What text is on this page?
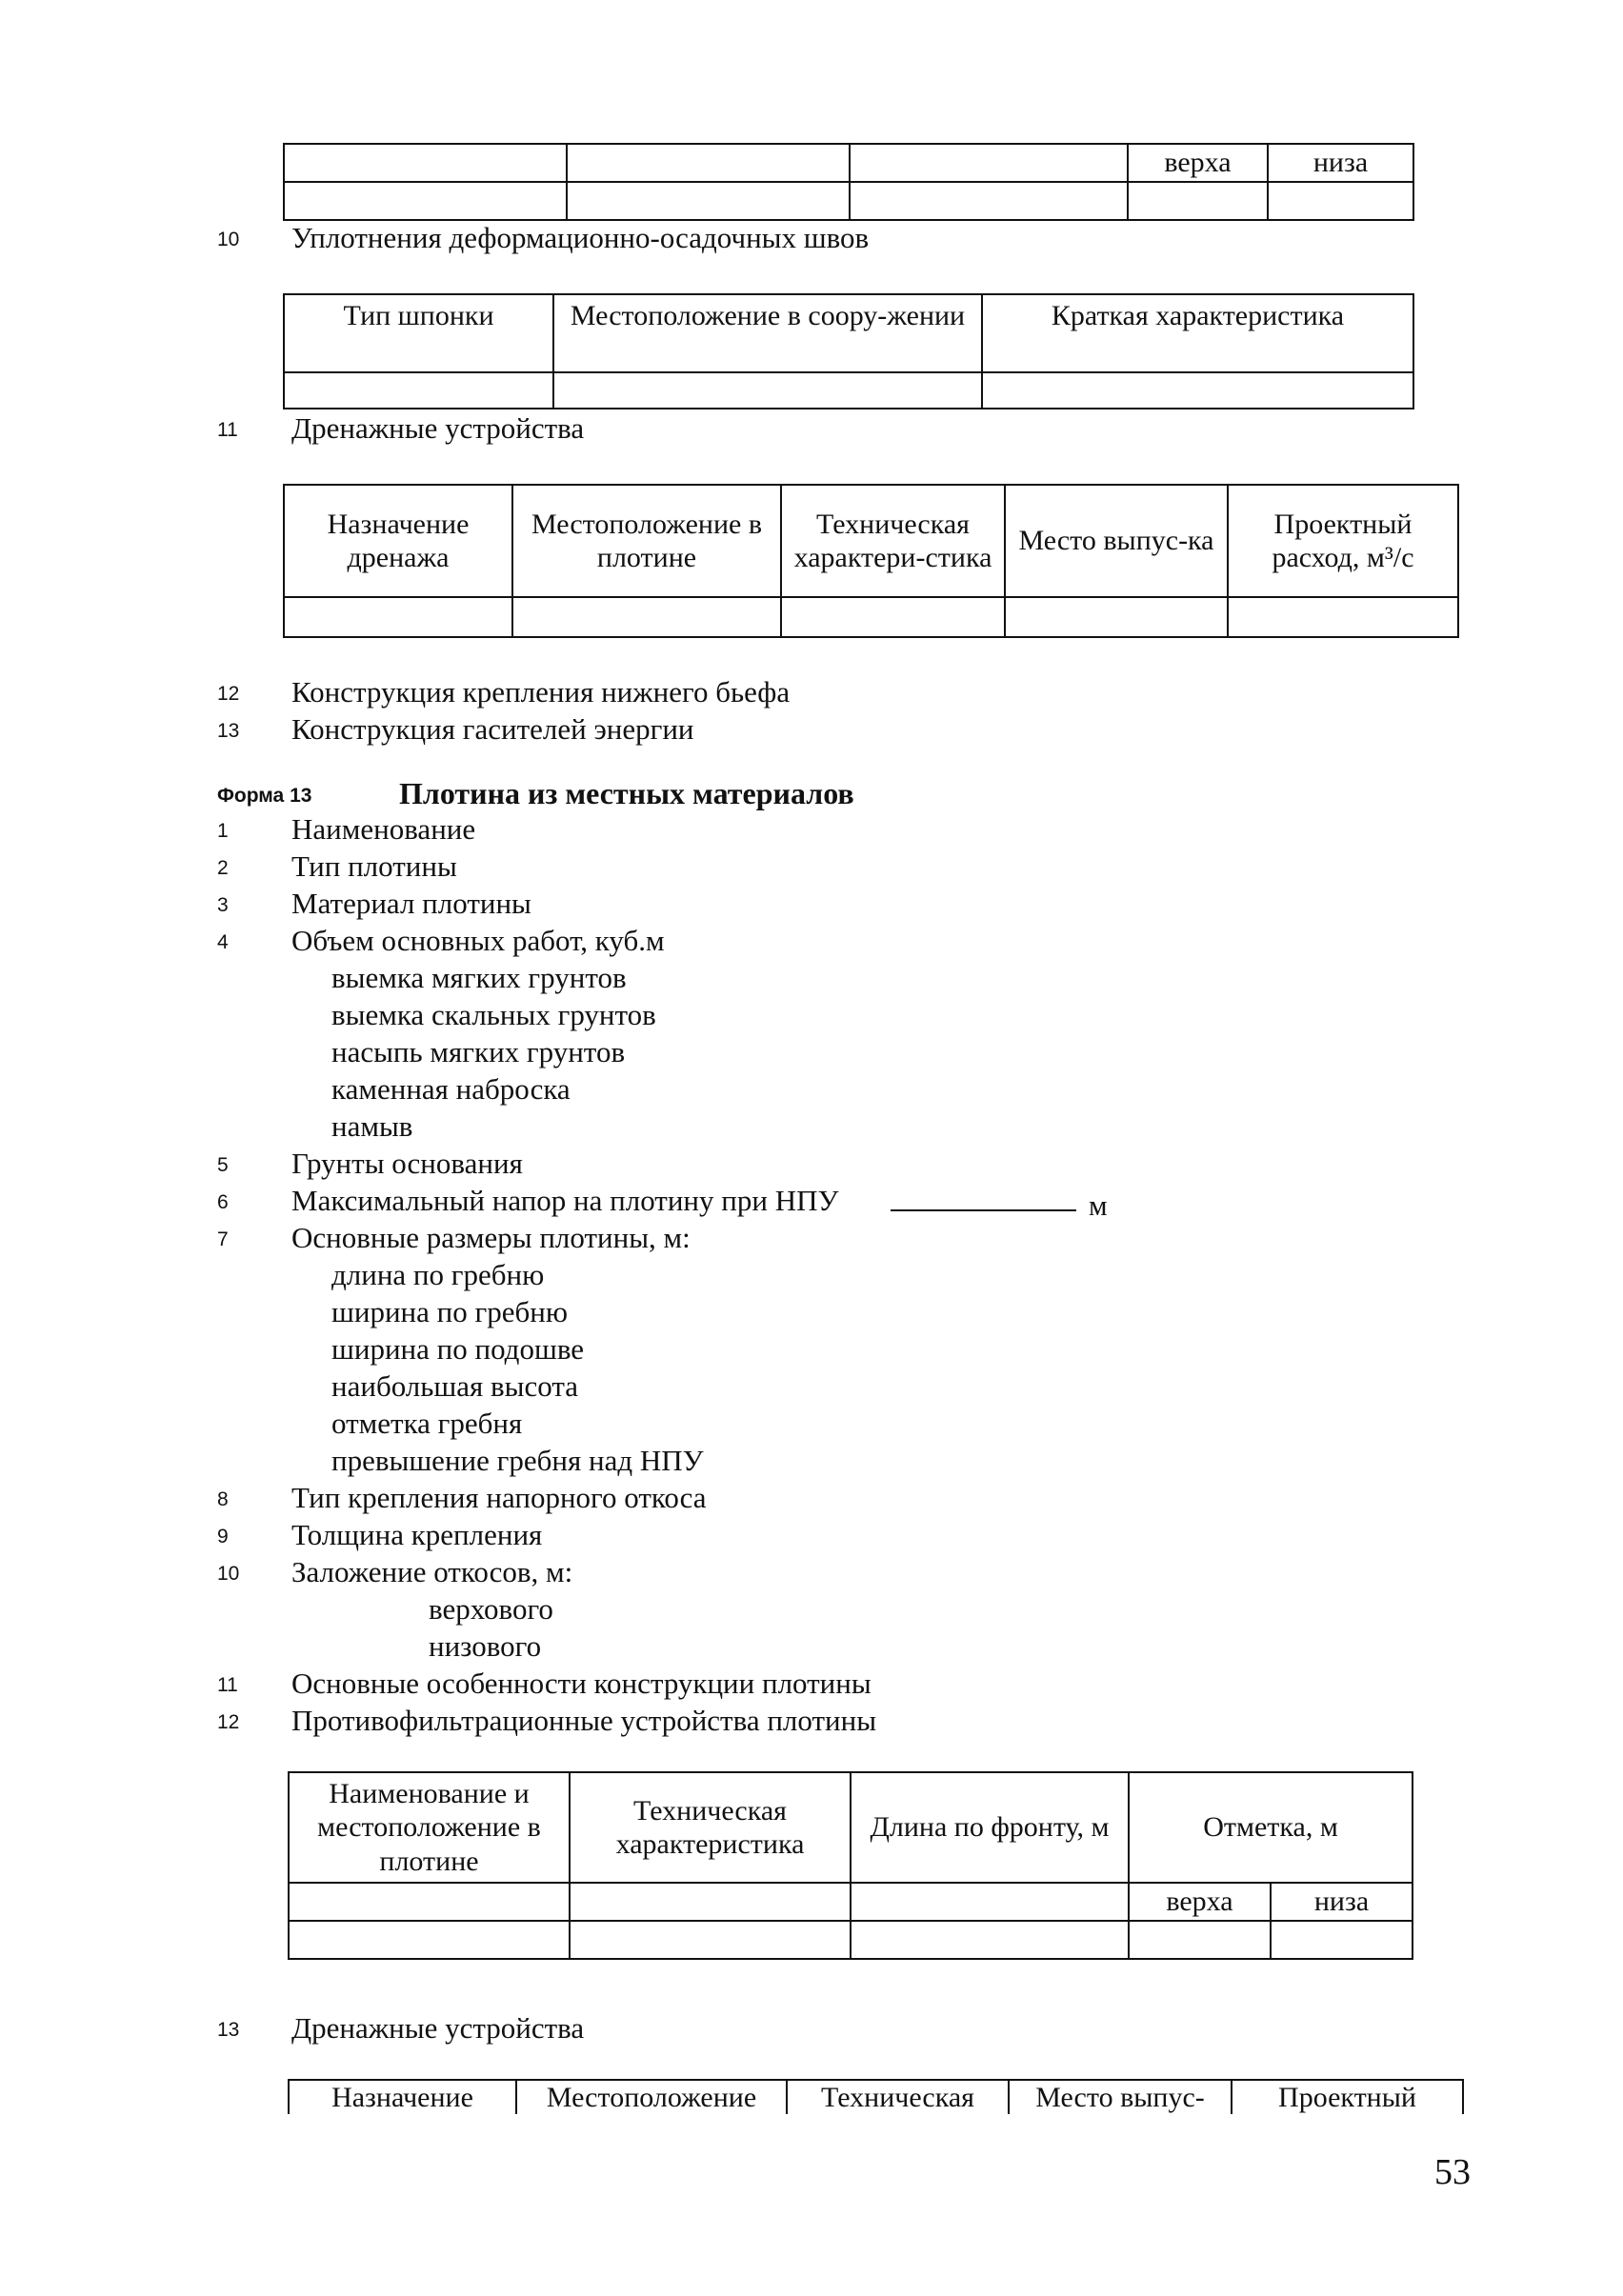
			верха	низа

10 Уплотнения деформационно-осадочных швов
Тип шпонки	Местоположение в соору-жении	Краткая характеристика

11 Дренажные устройства
Назначение дренажа	Местоположение в плотине	Техническая характери-стика	Место выпус-ка	Проектный расход, м³/с

12 Конструкция крепления нижнего бьефа
13 Конструкция гасителей энергии
Форма 13	Плотина из местных материалов
1 Наименование
2 Тип плотины
3 Материал плотины
4 Объем основных работ, куб.м
выемка мягких грунтов
выемка скальных грунтов
насыпь мягких грунтов
каменная наброска
намыв
5 Грунты основания
6 Максимальный напор на плотину при НПУ	м
7 Основные размеры плотины, м:
длина по гребню
ширина по гребню
ширина по подошве
наибольшая высота
отметка гребня
превышение гребня над НПУ
8 Тип крепления напорного откоса
9 Толщина крепления
10 Заложение откосов, м:
верхового
низового
11 Основные особенности конструкции плотины
12 Противофильтрационные устройства плотины
Наименование и местоположение в плотине	Техническая характеристика	Длина по фронту, м	Отметка, м	
			верха	низа

13 Дренажные устройства
Назначение	Местоположение	Техническая	Место выпус-	Проектный
53
